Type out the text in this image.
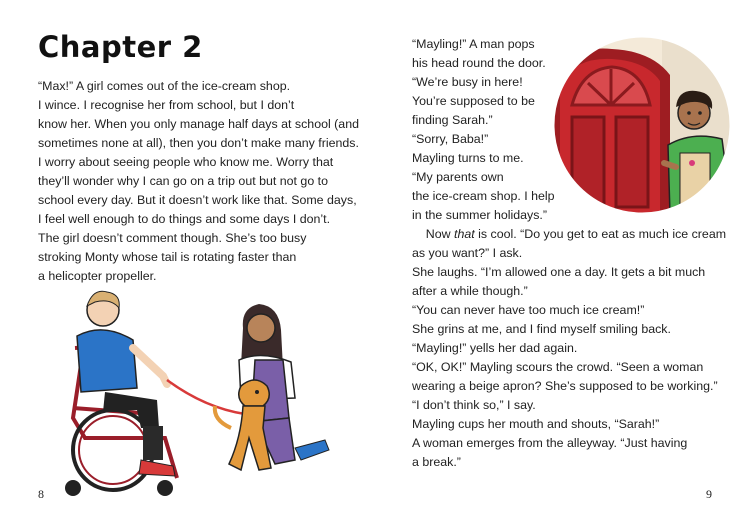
Chapter 2

“Max!” A girl comes out of the ice-cream shop.

I wince. I recognise her from school, but I don’t

know her. When you only manage half days at school (and

sometimes none at all), then you don’t make many friends.

I worry about seeing people who know me. Worry that

they’ll wonder why I can go on a trip out but not go to

school every day. But it doesn’t work like that. Some days,

I feel well enough to do things and some days I don’t.

The girl doesn’t comment though. She’s too busy

stroking Monty whose tail is rotating faster than

a helicopter propeller.

8

“Mayling!” A man pops

his head round the door.

“We’re busy in here!

You’re supposed to be

finding Sarah.”

“Sorry, Baba!”

Mayling turns to me.

“My parents own

the ice-cream shop. I help

in the summer holidays.”

Now that is cool. “Do you get to eat as much ice cream

as you want?” I ask.

She laughs. “I’m allowed one a day. It gets a bit much

after a while though.”

“You can never have too much ice cream!”

She grins at me, and I find myself smiling back.

“Mayling!” yells her dad again.

“OK, OK!” Mayling scours the crowd. “Seen a woman

wearing a beige apron? She’s supposed to be working.”

“I don’t think so,” I say.

Mayling cups her mouth and shouts, “Sarah!”

A woman emerges from the alleyway. “Just having

a break.”

9
